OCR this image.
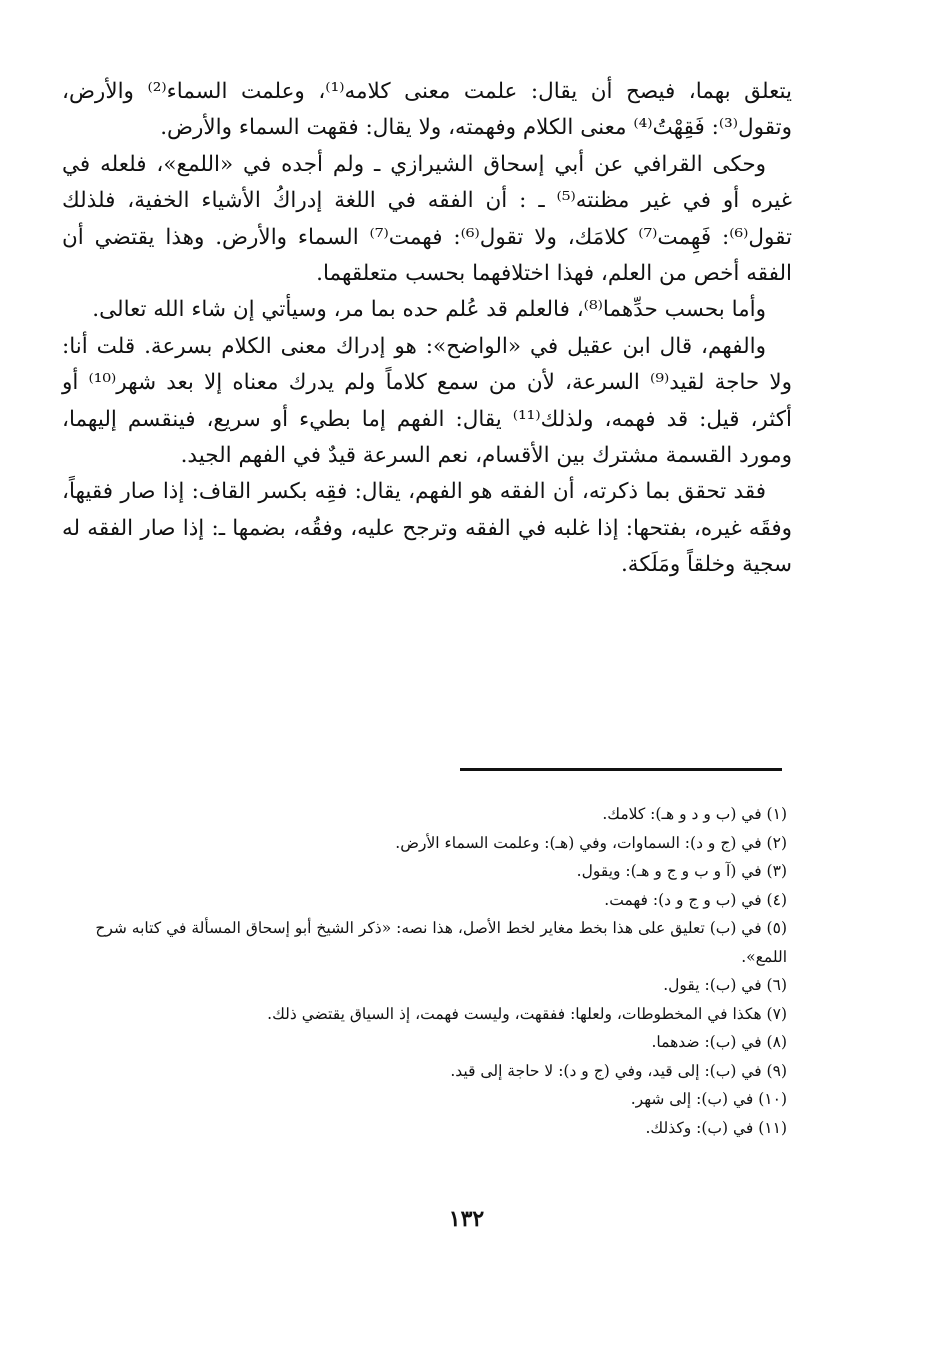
يتعلق بهما، فيصح أن يقال: علمت معنى كلامه⁽¹⁾، وعلمت السماء⁽²⁾ والأرض، وتقول⁽³⁾: فَقِهْتُ⁽⁴⁾ معنى الكلام وفهمته، ولا يقال: فقهت السماء والأرض.

وحكى القرافي عن أبي إسحاق الشيرازي ـ ولم أجده في «اللمع»، فلعله في غيره أو في غير مظنته⁽⁵⁾ ـ : أن الفقه في اللغة إدراكُ الأشياء الخفية، فلذلك تقول⁽⁶⁾: فَهِمت⁽⁷⁾ كلامَك، ولا تقول⁽⁶⁾: فهمت⁽⁷⁾ السماء والأرض. وهذا يقتضي أن الفقه أخص من العلم، فهذا اختلافهما بحسب متعلقهما.

وأما بحسب حدِّهما⁽⁸⁾، فالعلم قد عُلم حده بما مر، وسيأتي إن شاء الله تعالى.

والفهم، قال ابن عقيل في «الواضح»: هو إدراك معنى الكلام بسرعة. قلت أنا: ولا حاجة لقيد⁽⁹⁾ السرعة، لأن من سمع كلاماً ولم يدرك معناه إلا بعد شهر⁽¹⁰⁾ أو أكثر، قيل: قد فهمه، ولذلك⁽¹¹⁾ يقال: الفهم إما بطيء أو سريع، فينقسم إليهما، ومورد القسمة مشترك بين الأقسام، نعم السرعة قيدٌ في الفهم الجيد.

فقد تحقق بما ذكرته، أن الفقه هو الفهم، يقال: فقِه بكسر القاف: إذا صار فقيهاً، وفقَه غيره، بفتحها: إذا غلبه في الفقه وترجح عليه، وفقُه، بضمها ـ: إذا صار الفقه له سجية وخلقاً ومَلَكة.

(١) في (ب و د و هـ): كلامك.

(٢) في (ج و د): السماوات، وفي (هـ): وعلمت السماء الأرض.

(٣) في (آ و ب و ج و هـ): ويقول.

(٤) في (ب و ج و د): فهمت.

(٥) في (ب) تعليق على هذا بخط مغاير لخط الأصل، هذا نصه: «ذكر الشيخ أبو إسحاق المسألة في كتابه شرح اللمع».

(٦) في (ب): يقول.

(٧) هكذا في المخطوطات، ولعلها: ففقهت، وليست فهمت، إذ السياق يقتضي ذلك.

(٨) في (ب): ضدهما.

(٩) في (ب): إلى قيد، وفي (ج و د): لا حاجة إلى قيد.

(١٠) في (ب): إلى شهر.

(١١) في (ب): وكذلك.

١٣٢
